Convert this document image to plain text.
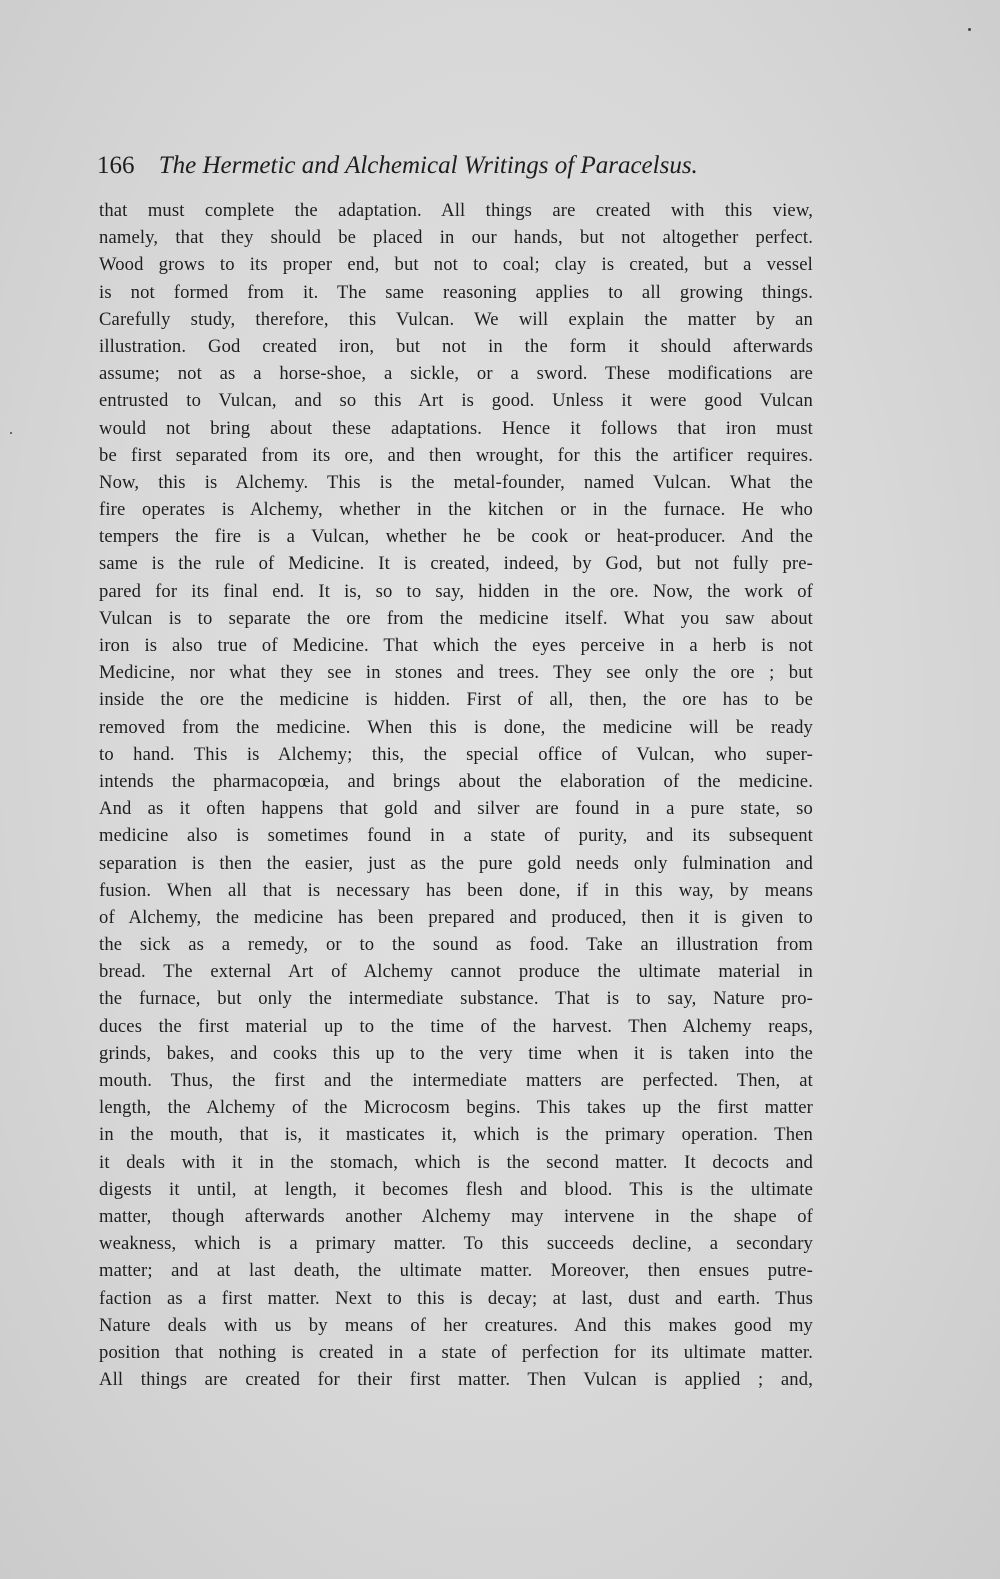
166 The Hermetic and Alchemical Writings of Paracelsus.
that must complete the adaptation. All things are created with this view,
namely, that they should be placed in our hands, but not altogether perfect.
Wood grows to its proper end, but not to coal; clay is created, but a vessel
is not formed from it. The same reasoning applies to all growing things.
Carefully study, therefore, this Vulcan. We will explain the matter by an
illustration. God created iron, but not in the form it should afterwards
assume; not as a horse-shoe, a sickle, or a sword. These modifications are
entrusted to Vulcan, and so this Art is good. Unless it were good Vulcan
would not bring about these adaptations. Hence it follows that iron must
be first separated from its ore, and then wrought, for this the artificer requires.
Now, this is Alchemy. This is the metal-founder, named Vulcan. What the
fire operates is Alchemy, whether in the kitchen or in the furnace. He who
tempers the fire is a Vulcan, whether he be cook or heat-producer. And the
same is the rule of Medicine. It is created, indeed, by God, but not fully pre-
pared for its final end. It is, so to say, hidden in the ore. Now, the work of
Vulcan is to separate the ore from the medicine itself. What you saw about
iron is also true of Medicine. That which the eyes perceive in a herb is not
Medicine, nor what they see in stones and trees. They see only the ore ; but
inside the ore the medicine is hidden. First of all, then, the ore has to be
removed from the medicine. When this is done, the medicine will be ready
to hand. This is Alchemy; this, the special office of Vulcan, who super-
intends the pharmacopœia, and brings about the elaboration of the medicine.
And as it often happens that gold and silver are found in a pure state, so
medicine also is sometimes found in a state of purity, and its subsequent
separation is then the easier, just as the pure gold needs only fulmination and
fusion. When all that is necessary has been done, if in this way, by means
of Alchemy, the medicine has been prepared and produced, then it is given to
the sick as a remedy, or to the sound as food. Take an illustration from
bread. The external Art of Alchemy cannot produce the ultimate material in
the furnace, but only the intermediate substance. That is to say, Nature pro-
duces the first material up to the time of the harvest. Then Alchemy reaps,
grinds, bakes, and cooks this up to the very time when it is taken into the
mouth. Thus, the first and the intermediate matters are perfected. Then, at
length, the Alchemy of the Microcosm begins. This takes up the first matter
in the mouth, that is, it masticates it, which is the primary operation. Then
it deals with it in the stomach, which is the second matter. It decocts and
digests it until, at length, it becomes flesh and blood. This is the ultimate
matter, though afterwards another Alchemy may intervene in the shape of
weakness, which is a primary matter. To this succeeds decline, a secondary
matter; and at last death, the ultimate matter. Moreover, then ensues putre-
faction as a first matter. Next to this is decay; at last, dust and earth. Thus
Nature deals with us by means of her creatures. And this makes good my
position that nothing is created in a state of perfection for its ultimate matter.
All things are created for their first matter. Then Vulcan is applied ; and,
